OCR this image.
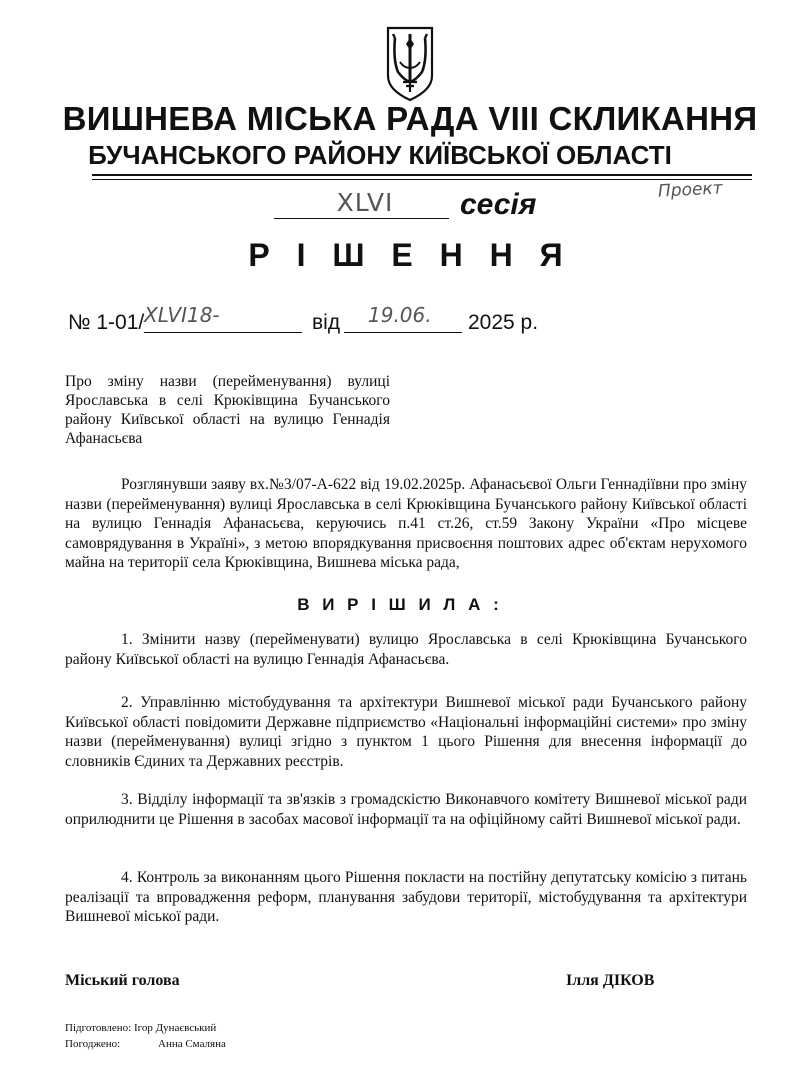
ВИШНЕВА МІСЬКА РАДА VIII СКЛИКАННЯ
БУЧАНСЬКОГО РАЙОНУ КИЇВСЬКОЇ ОБЛАСТІ
XLVI	сесія	Проект
Р І Ш Е Н Н Я
№ 1-01/ XLVI18-	від 19.06. 2025 р.
Про зміну назви (перейменування) вулиці Ярославська в селі Крюківщина Бучанського району Київської області на вулицю Геннадія Афанасьєва
Розглянувши заяву вх.№3/07-А-622 від 19.02.2025р. Афанасьєвої Ольги Геннадіївни про зміну назви (перейменування) вулиці Ярославська в селі Крюківщина Бучанського району Київської області на вулицю Геннадія Афанасьєва, керуючись п.41 ст.26, ст.59 Закону України «Про місцеве самоврядування в Україні», з метою впорядкування присвоєння поштових адрес об'єктам нерухомого майна на території села Крюківщина, Вишнева міська рада,
В И Р І Ш И Л А :
1. Змінити назву (перейменувати) вулицю Ярославська в селі Крюківщина Бучанського району Київської області на вулицю Геннадія Афанасьєва.
2. Управлінню містобудування та архітектури Вишневої міської ради Бучанського району Київської області повідомити Державне підприємство «Національні інформаційні системи» про зміну назви (перейменування) вулиці згідно з пунктом 1 цього Рішення для внесення інформації до словників Єдиних та Державних реєстрів.
3. Відділу інформації та зв'язків з громадскістю Виконавчого комітету Вишневої міської ради оприлюднити це Рішення в засобах масової інформації та на офіційному сайті Вишневої міської ради.
4. Контроль за виконанням цього Рішення покласти на постійну депутатську комісію з питань реалізації та впровадження реформ, планування забудови території, містобудування та архітектури Вишневої міської ради.
Міський голова	Ілля ДІКОВ
Підготовлено: Ігор Дунаєвський
Погоджено:	Анна Смаляна
